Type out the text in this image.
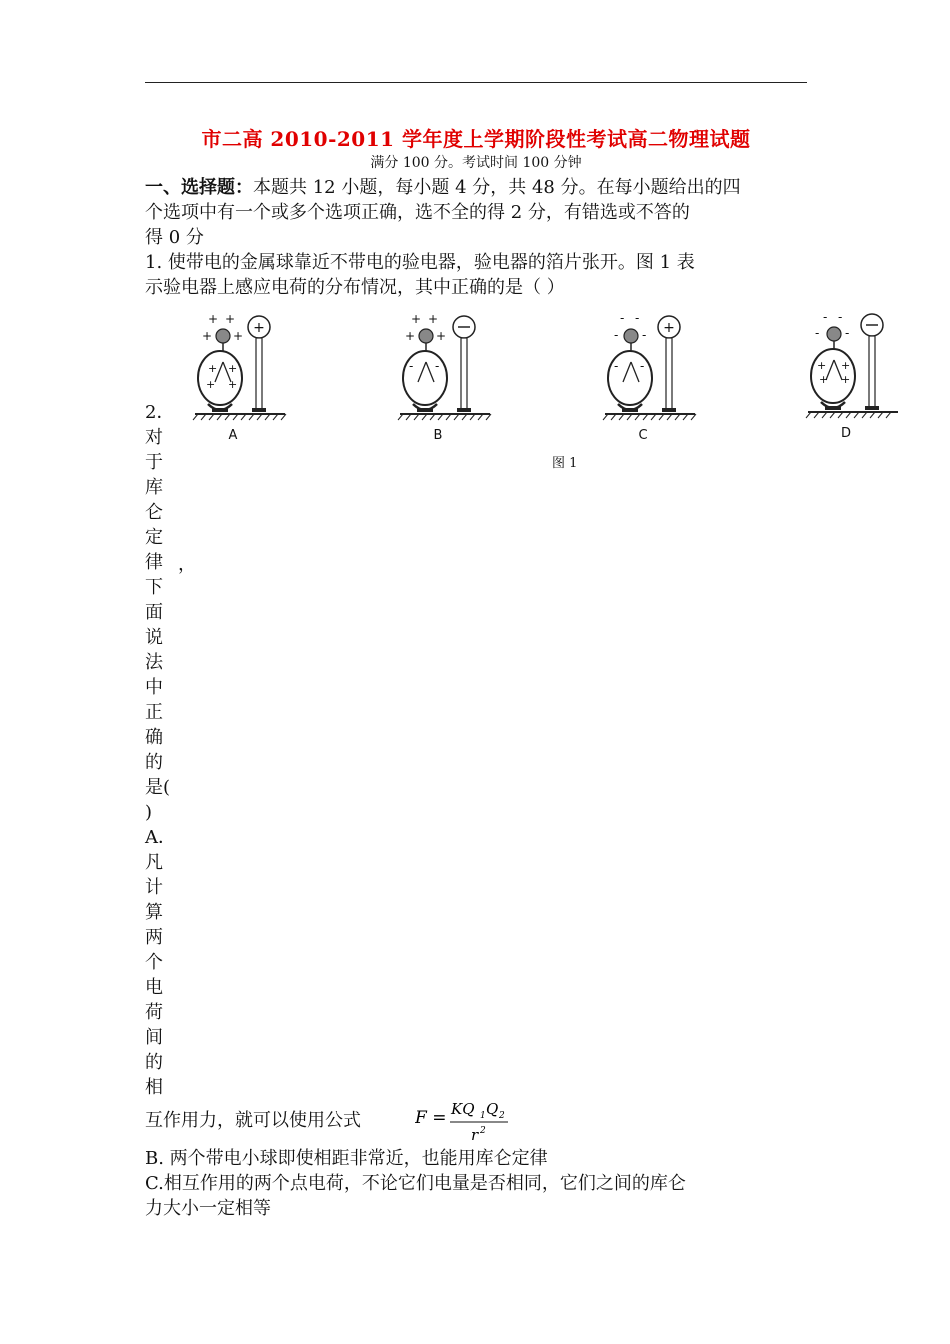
市二高 2010-2011 学年度上学期阶段性考试高二物理试题
满分 100 分。考试时间 100 分钟

一、选择题：本题共 12 小题，每小题 4 分，共 48 分。在每小题给出的四
个选项中有一个或多个选项正确，选不全的得 2 分，有错选或不答的
得 0 分

1. 使带电的金属球靠近不带电的验电器，验电器的箔片张开。图 1 表
示验电器上感应电荷的分布情况，其中正确的是（ ）

+ +
+ +
+ +
+ +
+
A
+ +
+ +
- -
B
- -
- -
- -
+
C
- -
- -
+ +
+ +
D
图 1
2．
对
于
库
仑
定
律
下
面
说
法
中
正
确
的
是(
)
A．
凡
计
算
两
个
电
荷
间
的
相
，

互作用力，就可以使用公式	F = KQ 1 Q 2
r 2

B. 两个带电小球即使相距非常近，也能用库仑定律

C.相互作用的两个点电荷，不论它们电量是否相同，它们之间的库仑
力大小一定相等
